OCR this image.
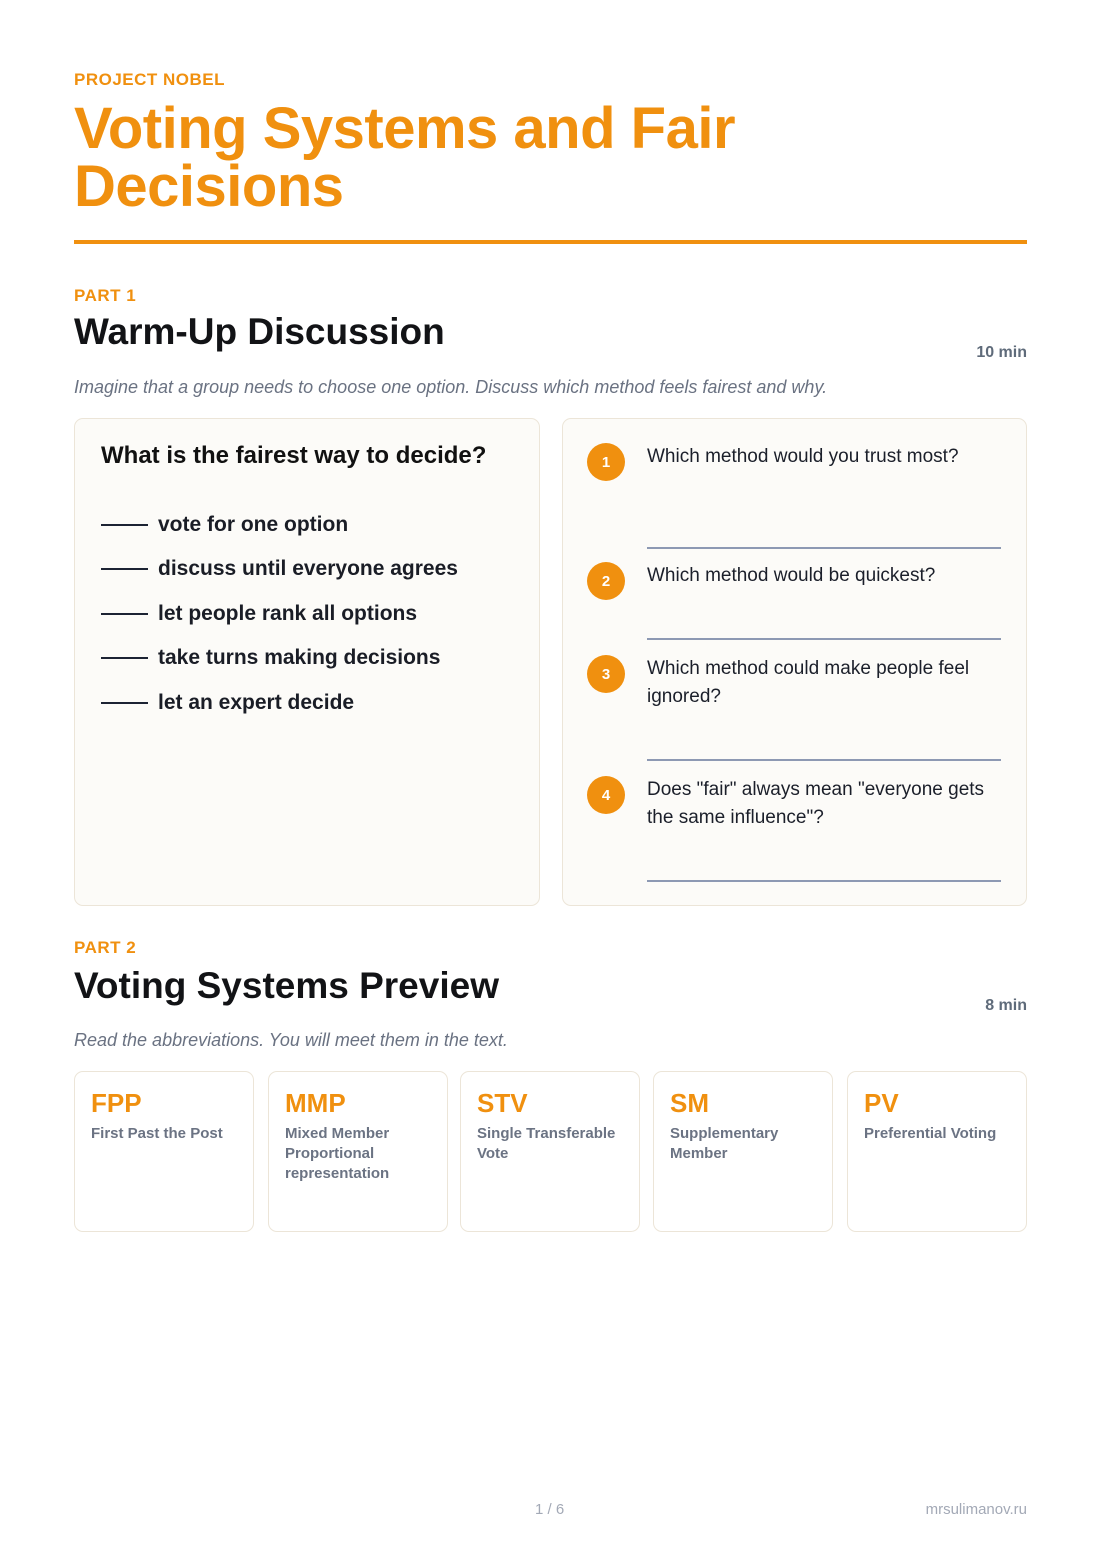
PROJECT NOBEL
Voting Systems and Fair Decisions
PART 1
Warm-Up Discussion
10 min
Imagine that a group needs to choose one option. Discuss which method feels fairest and why.
What is the fairest way to decide?
vote for one option
discuss until everyone agrees
let people rank all options
take turns making decisions
let an expert decide
1	Which method would you trust most?
2	Which method would be quickest?
3	Which method could make people feel ignored?
4	Does "fair" always mean "everyone gets the same influence"?
PART 2
Voting Systems Preview	8 min
Read the abbreviations. You will meet them in the text.
FPP
First Past the Post
MMP
Mixed Member Proportional representation
STV
Single Transferable Vote
SM
Supplementary Member
PV
Preferential Voting
1 / 6	mrsulimanov.ru
